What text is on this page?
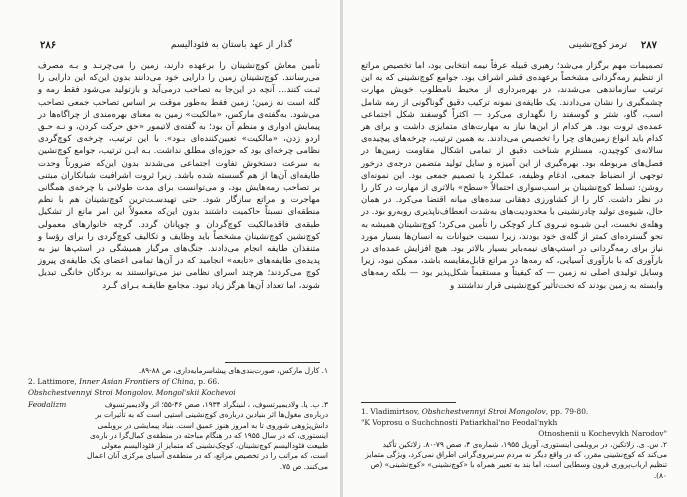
گذار از عهد باستان به فئودالیسم
۲۸۶

تأمین معاش کوچ‌نشینان را برعهده دارند، زمین را می‌چرنـد و بـه مصرف می‌رسانند. کوچ‌نشینان زمین را دارایی خود می‌دانند بدون این‌که این دارایی را ثبـت کنند... آنچه در این‌جا به تصاحب درمی‌آید و بازتولید می‌شود فقط رمه و گله است نه زمین؛ زمین فقط به‌طور موقت بر اساس تصاحب جمعی تصاحب می‌شود. به‌گفته‌ی مارکس، «مالکیت» زمین به معنای بهره‌مندی از چراگاه‌ها در پیمایش ادواری و منظم آن بود؛ به گفته‌ی لاتیمور «حق حرکت کردن، و نـه حـق اردو زدن، «مالکیت» تعیین‌کننده‌ای بـود». با این ترتیب، چرخه‌ی کوچ‌گردی نظامی چرخه‌ای بود که حوزه‌ای مطلق نداشت. بـه ایـن ترتیب، جوامع کوچ‌نشین به سرعت دستخوش تفاوت اجتماعی می‌شدند بدون این‌که ضرورتاً وحدت طایفه‌ای آن‌ها از هم گسسته شده باشد. زیرا ثروت اشرافیت شبانکاران مبتنی بر تصاحب رمه‌هایش بود، و می‌توانست برای مدت طولانی با چرخه‌ی همگانی مهاجرت و مراتع سازگار شود. حتی تهیدسـت‌ترین کوچ‌نشینان هم با نظم منطقه‌ای نسبتاً حاکمیت داشتند بدون این‌که معمولاً این امر مانع از تشکیل طبقه‌ی فاقدمالکیت کوچ‌گردان و چوپانان گردد. گرچه خانوارهای معمولی کوچ‌نشین کوچ‌نشینان مشخصاً باید وظایف و تکالیف کوچ‌گردی را برای رؤسا و متنفذان طایفه انجام می‌دادند. جنگ‌های مرگبار همیشگی در استپ‌ها نیز به پدیده‌ی طایفه‌های «تابعه» انجامید که در آن‌ها تمامی اعضای یک طایفه‌ی پیروز کوچ می‌کردند؛ هرچند اسرای نظامی نیز می‌توانستند به بردگان خانگی تبدیل شوند، اما تعداد آن‌ها هرگز زیاد نبود. مجامع طایفـه بـرای گـرد

۱. کارل مارکس، صورت‌بندی‌های پیشاسرمایه‌داری، ص ۸۸-۸۹.
2. Lattimore, Inner Asian Frontiers of China, p. 66.
Obshchestvennyi Stroi Mongolov. Mongol'skii Kochevoi
Feodalizm	۳. ب. یا. ولادیمیرتسوف، ، لنینگراد ۱۹۳۴، صص ۴۶-۵۵؛ اثر ولادیمیرتسوف درباره‌ی مغول‌ها اثر بنیادین درباره‌ی کوچ‌نشینی استپی است که به تأثیرات بر دانش‌پژوهی شوروی تا به امروز هنوز عمیق است. بنیاد پیمایشی در بروبلمی اینستوری، که در سال ۱۹۵۵ که در هنگام مباحثه در منطقه‌ی کمال‌گرا در باره‌ی طبیعت فئودالیسم کوچ‌نشینان، کوچک‌نشینی که متمایز از فئودالیسم مغولی است، که مراتب را در تخصیص مراتع، که در منطقه‌ی آسیای مرکزی آنان اعمال می‌کنند. ص ۷۵.
۲۸۷
ترمز کوچ‌نشینی

تصمیمات مهم برگزار می‌شد؛ رهبری قبیله عرفاً نیمه انتخابی بود، اما تخصیص مراتع از تنظیم رمه‌گردانی مشخصاً برعهده‌ی قشر اشراف بود. جوامع کوچ‌نشینی که به این ترتیب سازماندهی می‌شدند، در بهره‌برداری از محیط نامطلوب خویش مهارت چشمگیری را نشان می‌دادند. یک طایفه‌ی نمونه ترکیب دقیق گوناگونی از رمه شامل اسب، گاو، شتر و گوسفند را نگهداری می‌کرد — اکثراً گوسفند شکل اجتماعی عمده‌ی ثروت بود. هر کدام از این‌ها نیاز به مهارت‌های متمایزی داشت و برای هر کدام باید انواع زمین‌های چرا را تخصیص می‌دادند. به همین ترتیب، چرخه‌های پیچیده‌ی سالانه‌ی کوچیدن، مستلزم شناخت دقیق از تمامی اشکال مقاومت زمین‌ها در فصل‌های مربوطه بود. بهره‌گیری از این آمیزه و سایل تولید متضمن درجه‌ی درخور توجهی از انضباط جمعی، ادغام وظیفه، عملکرد یا تصمیم جمعی بود. این نمونه‌ای روشن: تسلط کوچ‌نشینان بر اسب‌سواری احتمالاً «سطح» بالاتری از مهارت در کار را در نظر داشت. کار را از کشاورزی دهقانی سده‌های میانه اقتضا می‌کرد. در همان حال، شیوه‌ی تولید چادرنشینی با محدودیت‌های به‌شدت انعطاف‌ناپذیری روبه‌رو بود. در وهله‌ی نخست، ایـن شیـوه نیـروی کـار کوچکی را تأمین می‌کرد؛ کوچ‌نشینان همیشه به نحو گسترده‌ای کمتر از گله‌ی خود بودند، زیرا نسبت حیوانات به انسان‌ها بسیار مورد نیاز برای رمه‌گردانی در استپ‌های نیمه‌بایر بسیار بالاتر بود. هیچ افزایش عمده‌ای در بارآوری که با بارآوری آسیایی، که رمه‌ها در مراتع قابل‌مقایسه باشد، ممکن نبود، زیرا وسایل تولیدی اصلی نه زمین — که کیفیتاً و مستقیماً شکل‌پذیر بود — بلکه رمه‌های وابسته به زمین بودند که تحت‌تأثیر کوچ‌نشینی قرار نداشتند و

1. Vladimirtsov, Obshchestvennyi Stroi Mongolov, pp. 79-80.
"K Voprosu o Suchchnosti Patiarkhal'no Feodal'nykh
Otnoshenii u Kochevykh Narodov"
۲. س. ی. زلاتکین، در بروبلمی اینستوری، آوریل ۱۹۵۵، شماره‌ی ۴، صص ۷۹-۸۰. زلاتکین تأکید می‌کند که کوچ‌نشینی مقرر، که در واقع دیگر نه مردم سرنیروی‌گرانی اطراق نمی‌کرد، ویژگی متمایز تنظیم ارباب‌پروری قرون وسطایی است، اما بند به تعبیر همراه با «کوچ‌نشینی» «کوچ‌نشینی» (ص ۸۰).
